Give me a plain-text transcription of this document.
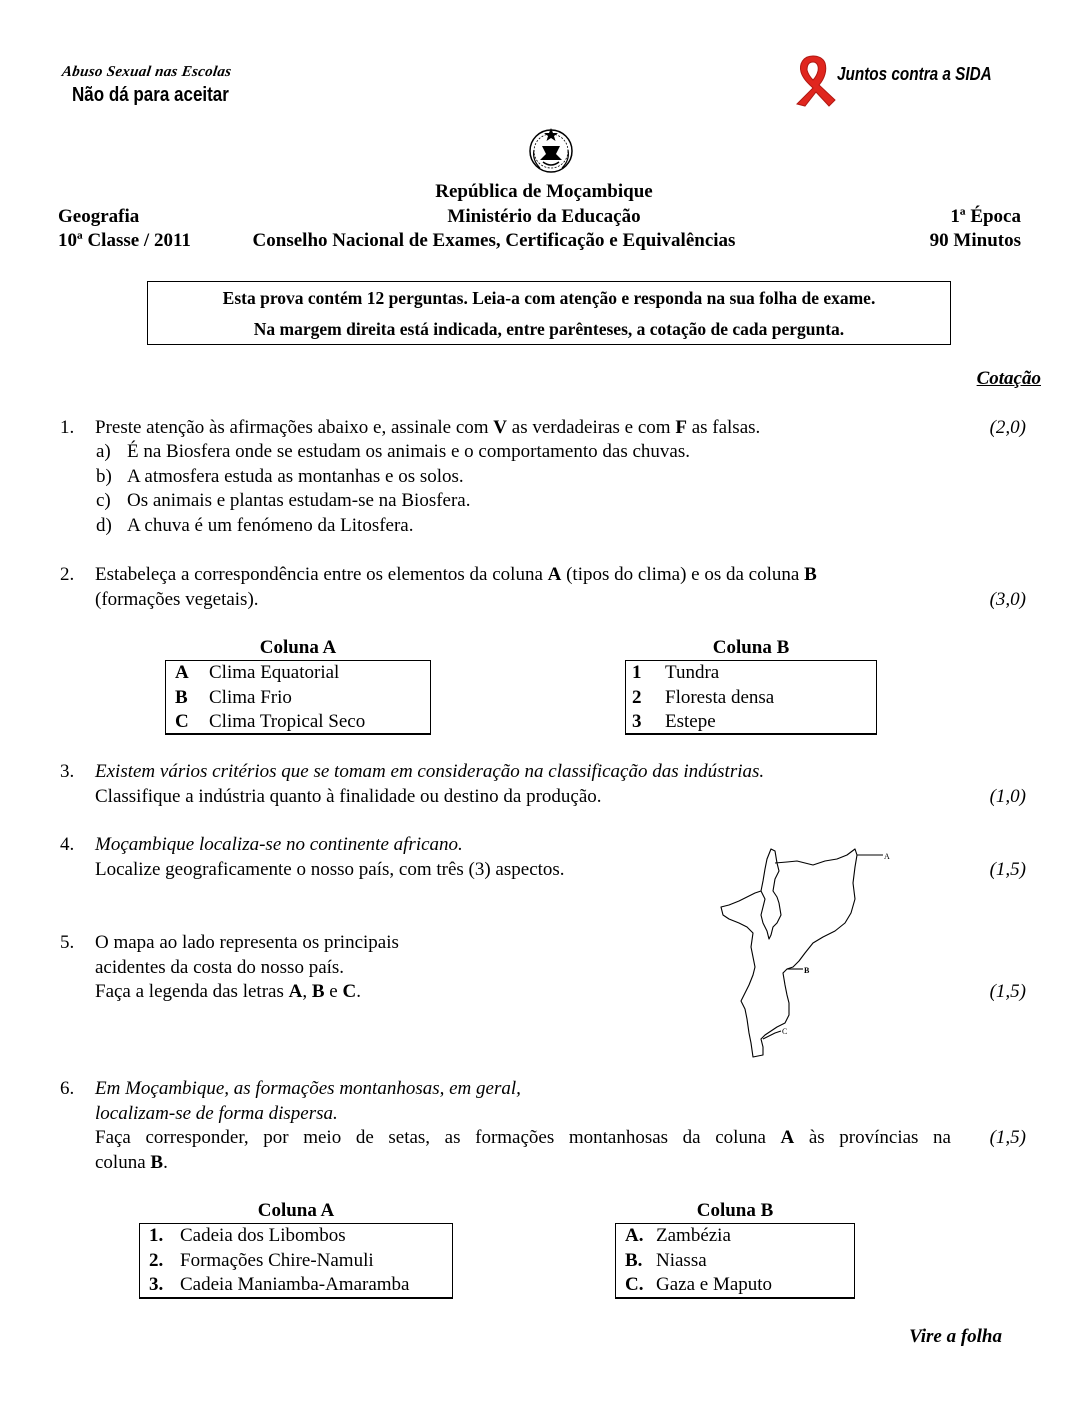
Abuso Sexual nas Escolas
Não dá para aceitar
Juntos contra a SIDA
República de Moçambique
Ministério da Educação
Conselho Nacional de Exames, Certificação e Equivalências
Geografia
10ª Classe / 2011
1ª Época
90 Minutos
Esta prova contém 12 perguntas. Leia-a com atenção e responda na sua folha de exame.
Na margem direita está indicada, entre parênteses, a cotação de cada pergunta.
Cotação
1. Preste atenção às afirmações abaixo e, assinale com V as verdadeiras e com F as falsas.	(2,0)
a) É na Biosfera onde se estudam os animais e o comportamento das chuvas.
b) A atmosfera estuda as montanhas e os solos.
c) Os animais e plantas estudam-se na Biosfera.
d) A chuva é um fenómeno da Litosfera.
2. Estabeleça a correspondência entre os elementos da coluna A (tipos do clima) e os da coluna B
(formações vegetais).	(3,0)
Coluna A
A	Clima Equatorial
B	Clima Frio
C	Clima Tropical Seco
Coluna B
1	Tundra
2	Floresta densa
3	Estepe
3. Existem vários critérios que se tomam em consideração na classificação das indústrias.
Classifique a indústria quanto à finalidade ou destino da produção.	(1,0)
4. Moçambique localiza-se no continente africano.
Localize geograficamente o nosso país, com três (3) aspectos.	(1,5)
A
B
C
5. O mapa ao lado representa os principais
acidentes da costa do nosso país.
Faça a legenda das letras A, B e C.	(1,5)
6. Em Moçambique, as formações montanhosas, em geral,
localizam-se de forma dispersa.
Faça corresponder, por meio de setas, as formações montanhosas da coluna A às províncias na
coluna B.
(1,5)
Coluna A
1. Cadeia dos Libombos
2. Formações Chire-Namuli
3. Cadeia Maniamba-Amaramba
Coluna B
A. Zambézia
B. Niassa
C. Gaza e Maputo
Vire a folha
